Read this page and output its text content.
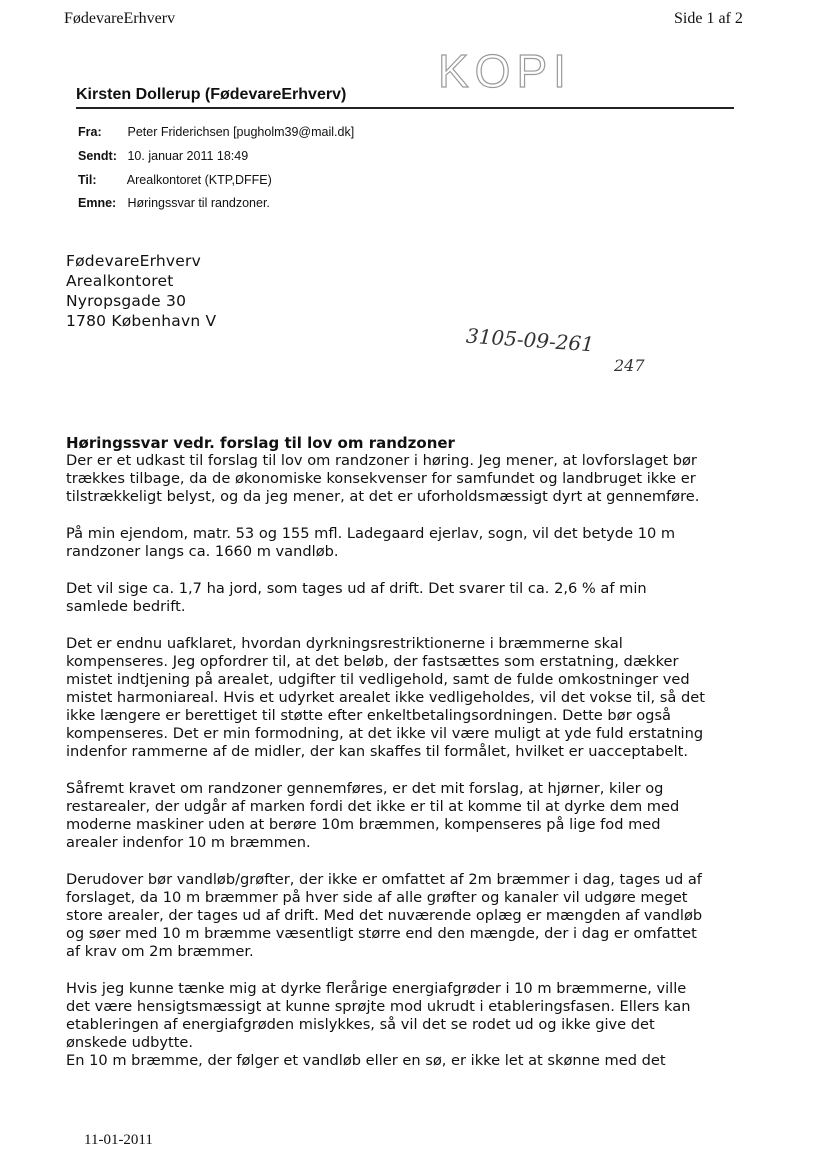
FødevareErhverv	Side 1 af 2
KOPI
Kirsten Dollerup (FødevareErhverv)
Fra: Peter Friderichsen [pugholm39@mail.dk]
Sendt: 10. januar 2011 18:49
Til: Arealkontoret (KTP,DFFE)
Emne: Høringssvar til randzoner.
FødevareErhverv
Arealkontoret
Nyropsgade 30
1780 København V
3105-09-261
247
Høringssvar vedr. forslag til lov om randzoner
Der er et udkast til forslag til lov om randzoner i høring. Jeg mener, at lovforslaget bør
trækkes tilbage, da de økonomiske konsekvenser for samfundet og landbruget ikke er
tilstrækkeligt belyst, og da jeg mener, at det er uforholdsmæssigt dyrt at gennemføre.
På min ejendom, matr. 53 og 155 mfl. Ladegaard ejerlav, sogn, vil det betyde 10 m
randzoner langs ca. 1660 m vandløb.
Det vil sige ca. 1,7 ha jord, som tages ud af drift. Det svarer til ca. 2,6 % af min
samlede bedrift.
Det er endnu uafklaret, hvordan dyrkningsrestriktionerne i bræmmerne skal
kompenseres. Jeg opfordrer til, at det beløb, der fastsættes som erstatning, dækker
mistet indtjening på arealet, udgifter til vedligehold, samt de fulde omkostninger ved
mistet harmoniareal. Hvis et udyrket arealet ikke vedligeholdes, vil det vokse til, så det
ikke længere er berettiget til støtte efter enkeltbetalingsordningen. Dette bør også
kompenseres. Det er min formodning, at det ikke vil være muligt at yde fuld erstatning
indenfor rammerne af de midler, der kan skaffes til formålet, hvilket er uacceptabelt.
Såfremt kravet om randzoner gennemføres, er det mit forslag, at hjørner, kiler og
restarealer, der udgår af marken fordi det ikke er til at komme til at dyrke dem med
moderne maskiner uden at berøre 10m bræmmen, kompenseres på lige fod med
arealer indenfor 10 m bræmmen.
Derudover bør vandløb/grøfter, der ikke er omfattet af 2m bræmmer i dag, tages ud af
forslaget, da 10 m bræmmer på hver side af alle grøfter og kanaler vil udgøre meget
store arealer, der tages ud af drift. Med det nuværende oplæg er mængden af vandløb
og søer med 10 m bræmme væsentligt større end den mængde, der i dag er omfattet
af krav om 2m bræmmer.
Hvis jeg kunne tænke mig at dyrke flerårige energiafgrøder i 10 m bræmmerne, ville
det være hensigtsmæssigt at kunne sprøjte mod ukrudt i etableringsfasen. Ellers kan
etableringen af energiafgrøden mislykkes, så vil det se rodet ud og ikke give det
ønskede udbytte.
En 10 m bræmme, der følger et vandløb eller en sø, er ikke let at skønne med det
11-01-2011
